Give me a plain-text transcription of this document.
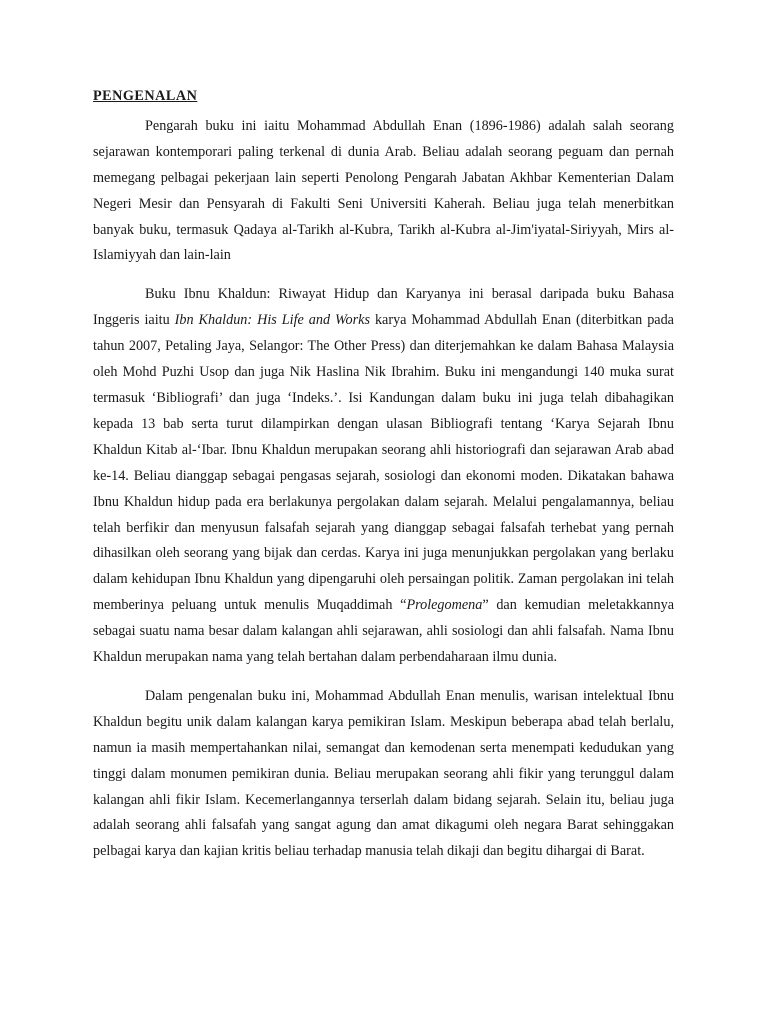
PENGENALAN

Pengarah buku ini iaitu Mohammad Abdullah Enan (1896-1986) adalah salah seorang sejarawan kontemporari paling terkenal di dunia Arab. Beliau adalah seorang peguam dan pernah memegang pelbagai pekerjaan lain seperti Penolong Pengarah Jabatan Akhbar Kementerian Dalam Negeri Mesir dan Pensyarah di Fakulti Seni Universiti Kaherah. Beliau juga telah menerbitkan banyak buku, termasuk Qadaya al-Tarikh al-Kubra, Tarikh al-Kubra al-Jim'iyatal-Siriyyah, Mirs al-Islamiyyah dan lain-lain

Buku Ibnu Khaldun: Riwayat Hidup dan Karyanya ini berasal daripada buku Bahasa Inggeris iaitu Ibn Khaldun: His Life and Works karya Mohammad Abdullah Enan (diterbitkan pada tahun 2007, Petaling Jaya, Selangor: The Other Press) dan diterjemahkan ke dalam Bahasa Malaysia oleh Mohd Puzhi Usop dan juga Nik Haslina Nik Ibrahim. Buku ini mengandungi 140 muka surat termasuk ‘Bibliografi’ dan juga ‘Indeks.’. Isi Kandungan dalam buku ini juga telah dibahagikan kepada 13 bab serta turut dilampirkan dengan ulasan Bibliografi tentang ‘Karya Sejarah Ibnu Khaldun Kitab al-‘Ibar. Ibnu Khaldun merupakan seorang ahli historiografi dan sejarawan Arab abad ke-14. Beliau dianggap sebagai pengasas sejarah, sosiologi dan ekonomi moden. Dikatakan bahawa Ibnu Khaldun hidup pada era berlakunya pergolakan dalam sejarah. Melalui pengalamannya, beliau telah berfikir dan menyusun falsafah sejarah yang dianggap sebagai falsafah terhebat yang pernah dihasilkan oleh seorang yang bijak dan cerdas. Karya ini juga menunjukkan pergolakan yang berlaku dalam kehidupan Ibnu Khaldun yang dipengaruhi oleh persaingan politik. Zaman pergolakan ini telah memberinya peluang untuk menulis Muqaddimah “Prolegomena” dan kemudian meletakkannya sebagai suatu nama besar dalam kalangan ahli sejarawan, ahli sosiologi dan ahli falsafah. Nama Ibnu Khaldun merupakan nama yang telah bertahan dalam perbendaharaan ilmu dunia.

Dalam pengenalan buku ini, Mohammad Abdullah Enan menulis, warisan intelektual Ibnu Khaldun begitu unik dalam kalangan karya pemikiran Islam. Meskipun beberapa abad telah berlalu, namun ia masih mempertahankan nilai, semangat dan kemodenan serta menempati kedudukan yang tinggi dalam monumen pemikiran dunia. Beliau merupakan seorang ahli fikir yang terunggul dalam kalangan ahli fikir Islam. Kecemerlangannya terserlah dalam bidang sejarah. Selain itu, beliau juga adalah seorang ahli falsafah yang sangat agung dan amat dikagumi oleh negara Barat sehinggakan pelbagai karya dan kajian kritis beliau terhadap manusia telah dikaji dan begitu dihargai di Barat.
